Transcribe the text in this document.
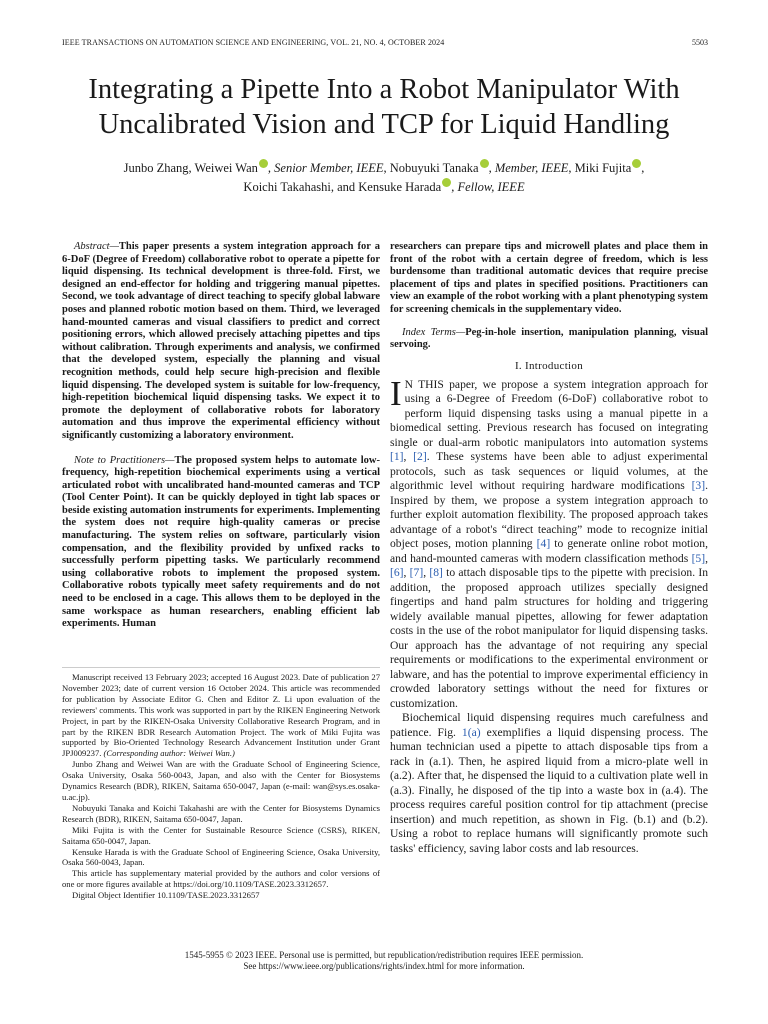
IEEE TRANSACTIONS ON AUTOMATION SCIENCE AND ENGINEERING, VOL. 21, NO. 4, OCTOBER 2024	5503
Integrating a Pipette Into a Robot Manipulator With
Uncalibrated Vision and TCP for Liquid Handling
Junbo Zhang, Weiwei Wan , Senior Member, IEEE, Nobuyuki Tanaka , Member, IEEE, Miki Fujita ,
Koichi Takahashi, and Kensuke Harada , Fellow, IEEE

Abstract—This paper presents a system integration approach for a 6-DoF (Degree of Freedom) collaborative robot to operate a pipette for liquid dispensing. Its technical development is three-fold. First, we designed an end-effector for holding and triggering manual pipettes. Second, we took advantage of direct teaching to specify global labware poses and planned robotic motion based on them. Third, we leveraged hand-mounted cameras and visual classifiers to predict and correct positioning errors, which allowed precisely attaching pipettes and tips without calibration. Through experiments and analysis, we confirmed that the developed system, especially the planning and visual recognition methods, could help secure high-precision and flexible liquid dispensing. The developed system is suitable for low-frequency, high-repetition biochemical liquid dispensing tasks. We expect it to promote the deployment of collaborative robots for laboratory automation and thus improve the experimental efficiency without significantly customizing a laboratory environment.

Note to Practitioners—The proposed system helps to automate low-frequency, high-repetition biochemical experiments using a vertical articulated robot with uncalibrated hand-mounted cameras and TCP (Tool Center Point). It can be quickly deployed in tight lab spaces or beside existing automation instruments for experiments. Implementing the system does not require high-quality cameras or precise manufacturing. The system relies on software, particularly vision compensation, and the flexibility provided by unfixed racks to successfully perform pipetting tasks. We particularly recommend using collaborative robots to implement the proposed system. Collaborative robots typically meet safety requirements and do not need to be enclosed in a cage. This allows them to be deployed in the same workspace as human researchers, enabling efficient lab experiments. Human

Manuscript received 13 February 2023; accepted 16 August 2023. Date of publication 27 November 2023; date of current version 16 October 2024. This article was recommended for publication by Associate Editor G. Chen and Editor Z. Li upon evaluation of the reviewers' comments. This work was supported in part by the RIKEN Engineering Network Project, in part by the RIKEN-Osaka University Collaborative Research Program, and in part by the RIKEN BDR Research Automation Project. The work of Miki Fujita was supported by Bio-Oriented Technology Research Advancement Institution under Grant JPJ009237. (Corresponding author: Weiwei Wan.)

Junbo Zhang and Weiwei Wan are with the Graduate School of Engineering Science, Osaka University, Osaka 560-0043, Japan, and also with the Center for Biosystems Dynamics Research (BDR), RIKEN, Saitama 650-0047, Japan (e-mail: wan@sys.es.osaka-u.ac.jp).

Nobuyuki Tanaka and Koichi Takahashi are with the Center for Biosystems Dynamics Research (BDR), RIKEN, Saitama 650-0047, Japan.

Miki Fujita is with the Center for Sustainable Resource Science (CSRS), RIKEN, Saitama 650-0047, Japan.

Kensuke Harada is with the Graduate School of Engineering Science, Osaka University, Osaka 560-0043, Japan.

This article has supplementary material provided by the authors and color versions of one or more figures available at https://doi.org/10.1109/TASE.2023.3312657.

Digital Object Identifier 10.1109/TASE.2023.3312657

researchers can prepare tips and microwell plates and place them in front of the robot with a certain degree of freedom, which is less burdensome than traditional automatic devices that require precise placement of tips and plates in specified positions. Practitioners can view an example of the robot working with a plant phenotyping system for screening chemicals in the supplementary video.

Index Terms—Peg-in-hole insertion, manipulation planning, visual servoing.

I. Introduction

I N THIS paper, we propose a system integration approach for using a 6-Degree of Freedom (6-DoF) collaborative robot to perform liquid dispensing tasks using a manual pipette in a biomedical setting. Previous research has focused on integrating single or dual-arm robotic manipulators into automation systems [1], [2]. These systems have been able to adjust experimental protocols, such as task sequences or liquid volumes, at the algorithmic level without requiring hardware modifications [3]. Inspired by them, we propose a system integration approach to further exploit automation flexibility. The proposed approach takes advantage of a robot's “direct teaching” mode to recognize initial object poses, motion planning [4] to generate online robot motion, and hand-mounted cameras with modern classification methods [5], [6], [7], [8] to attach disposable tips to the pipette with precision. In addition, the proposed approach utilizes specially designed fingertips and hand palm structures for holding and triggering widely available manual pipettes, allowing for fewer adaptation costs in the use of the robot manipulator for liquid dispensing tasks. Our approach has the advantage of not requiring any special requirements or modifications to the experimental environment or labware, and has the potential to improve experimental efficiency in crowded laboratory settings without the need for fixtures or customization.

Biochemical liquid dispensing requires much carefulness and patience. Fig. 1(a) exemplifies a liquid dispensing process. The human technician used a pipette to attach disposable tips from a rack in (a.1). Then, he aspired liquid from a micro-plate well in (a.2). After that, he dispensed the liquid to a cultivation plate well in (a.3). Finally, he disposed of the tip into a waste box in (a.4). The process requires careful position control for tip attachment (precise insertion) and much repetition, as shown in Fig. (b.1) and (b.2). Using a robot to replace humans will significantly promote such tasks' efficiency, saving labor costs and lab resources.

1545-5955 © 2023 IEEE. Personal use is permitted, but republication/redistribution requires IEEE permission.
See https://www.ieee.org/publications/rights/index.html for more information.
